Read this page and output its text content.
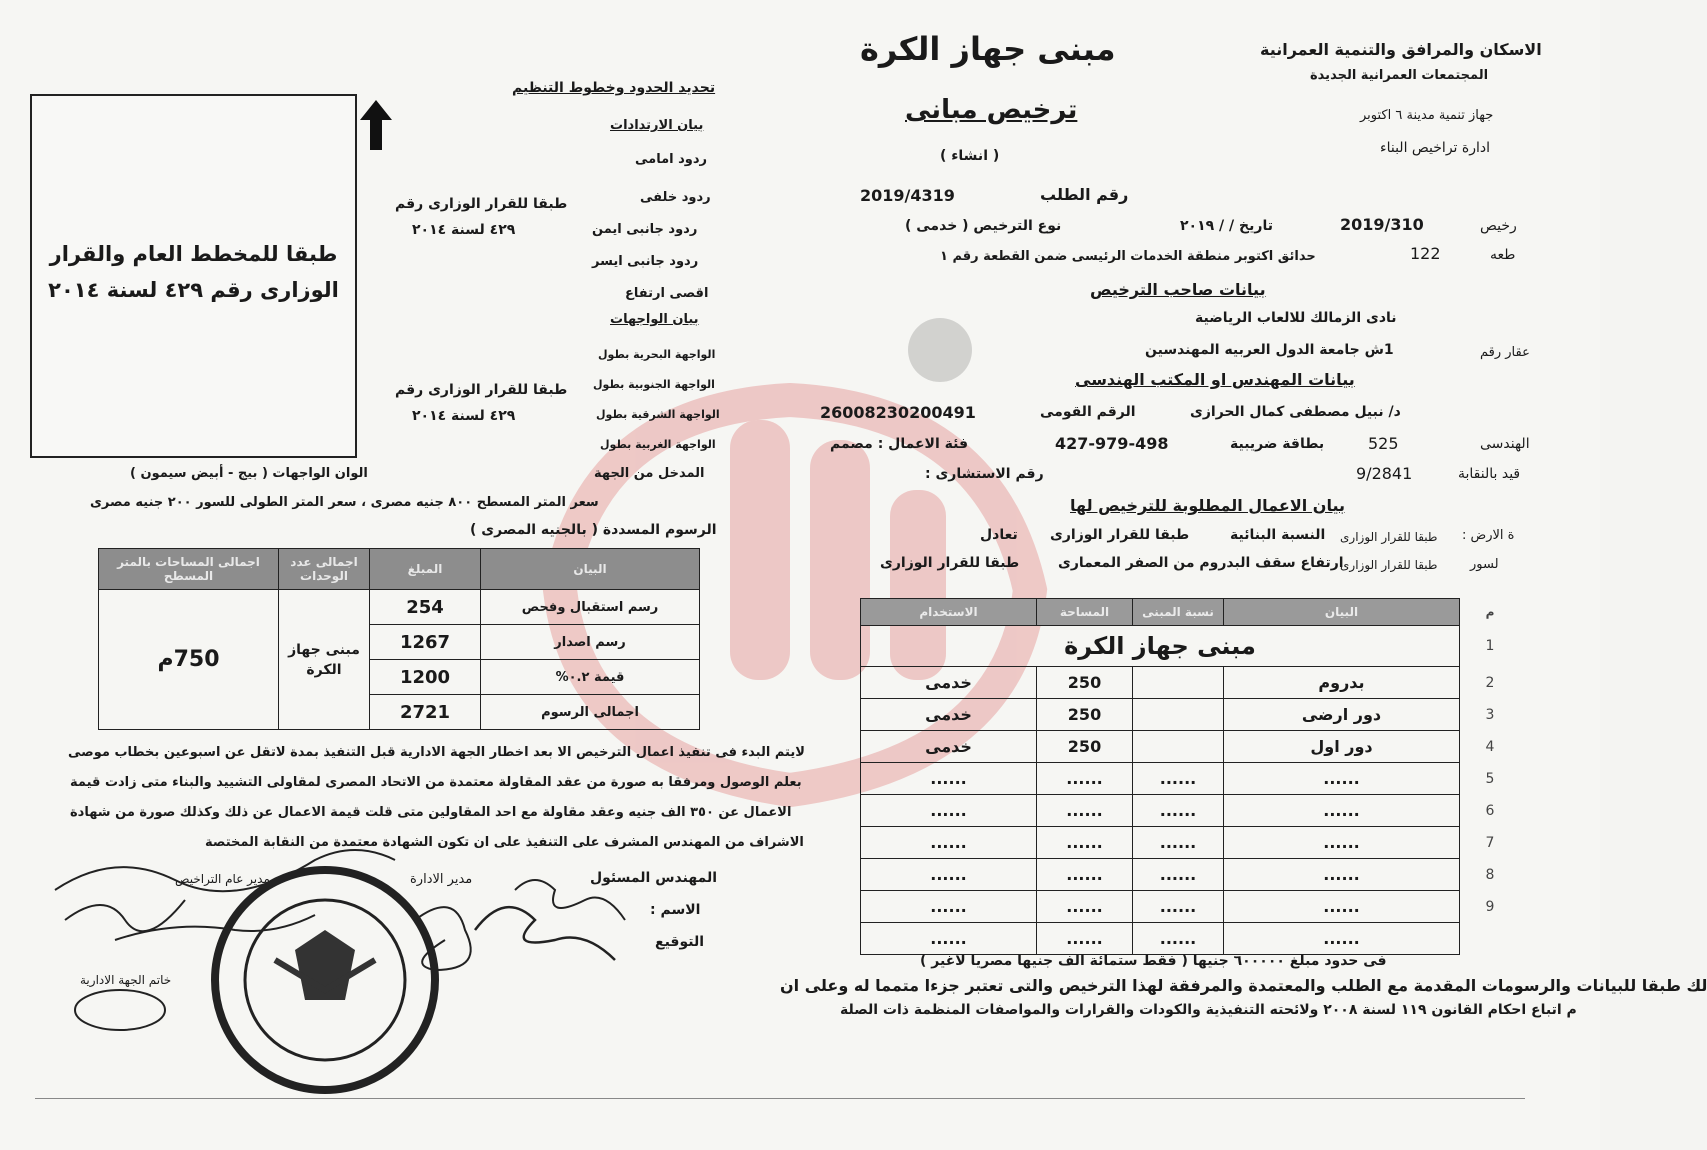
الاسكان والمرافق والتنمية العمرانية
المجتمعات العمرانية الجديدة
جهاز تنمية مدينة ٦ اكتوبر
ادارة تراخيص البناء
مبنى جهاز الكرة
ترخيص مبانى
( انشاء )
رقم الطلب
2019/4319
رخيص
2019/310
تاريخ / / ٢٠١٩
نوع الترخيص ( خدمى )
طعه
122
حدائق اكتوبر منطقة الخدمات الرئيسى ضمن القطعة رقم ١
بيانات صاحب الترخيص
نادى الزمالك للالعاب الرياضية
عقار رقم
1ش جامعة الدول العربيه المهندسين
بيانات المهندس او المكتب الهندسى
د/ نبيل مصطفى كمال الحرازى
الرقم القومى
26008230200491
الهندسى
525
بطاقة ضريبية
427-979-498
فئة الاعمال : مصمم
قيد بالنقابة
9/2841
رقم الاستشارى :
بيان الاعمال المطلوبة للترخيص لها
ة الارض :
طبقا للقرار الوزارى
النسبة البنائية
طبقا للقرار الوزارى
تعادل
لسور
طبقا للقرار الوزارى
ارتفاع سقف البدروم من الصفر المعمارى
طبقا للقرار الوزارى
م	البيان	نسبة المبنى	المساحة	الاستخدام
1	مبنى جهاز الكرة			
2	بدروم		250	خدمى
3	دور ارضى		250	خدمى
4	دور اول		250	خدمى
5	......	......	......	......
6	......	......	......	......
7	......	......	......	......
8	......	......	......	......
9	......	......	......	......
	......	......	......	......
فى حدود مبلغ ٦٠٠٠٠٠ جنيها ( فقط ستمائة الف جنيها مصريا لاغير )
لك طبقا للبيانات والرسومات المقدمة مع الطلب والمعتمدة والمرفقة لهذا الترخيص والتى تعتبر جزءا متمما له وعلى ان
م اتباع احكام القانون ١١٩ لسنة ٢٠٠٨ ولائحته التنفيذية والكودات والقرارات والمواصفات المنظمة ذات الصلة
تحديد الحدود وخطوط التنظيم
بيان الارتدادات
ردود امامى
ردود خلفى
ردود جانبى ايمن
ردود جانبى ايسر
اقصى ارتفاع
طبقا للقرار الوزارى رقم
٤٢٩ لسنة ٢٠١٤
بيان الواجهات
الواجهة البحرية بطول
الواجهة الجنوبية بطول
الواجهة الشرقية بطول
الواجهة الغربية بطول
طبقا للقرار الوزارى رقم
٤٢٩ لسنة ٢٠١٤
المدخل من الجهة
الوان الواجهات ( بيج - أبيض سيمون )
طبقا للمخطط العام والقرار الوزارى رقم ٤٢٩ لسنة ٢٠١٤
سعر المتر المسطح ٨٠٠ جنيه مصرى ، سعر المتر الطولى للسور ٢٠٠ جنيه مصرى
الرسوم المسددة ( بالجنيه المصرى )
البيان	المبلغ	اجمالى عدد الوحدات	اجمالى المساحات بالمتر المسطح
رسم استقبال وفحص	254	مبنى جهاز الكرة	750م
رسم اصدار	1267		
قيمة ٠.٢%	1200		
اجمالى الرسوم	2721		
لايتم البدء فى تنفيذ اعمال الترخيص الا بعد اخطار الجهة الادارية قبل التنفيذ بمدة لاتقل عن اسبوعين بخطاب موصى
بعلم الوصول ومرفقا به صورة من عقد المقاولة معتمدة من الاتحاد المصرى لمقاولى التشييد والبناء متى زادت قيمة
الاعمال عن ٣٥٠ الف جنيه وعقد مقاولة مع احد المقاولين متى قلت قيمة الاعمال عن ذلك وكذلك صورة من شهادة
الاشراف من المهندس المشرف على التنفيذ على ان تكون الشهادة معتمدة من النقابة المختصة
المهندس المسئول
الاسم :
التوقيع
مدير الادارة
مدير عام التراخيص
خاتم الجهة الادارية
